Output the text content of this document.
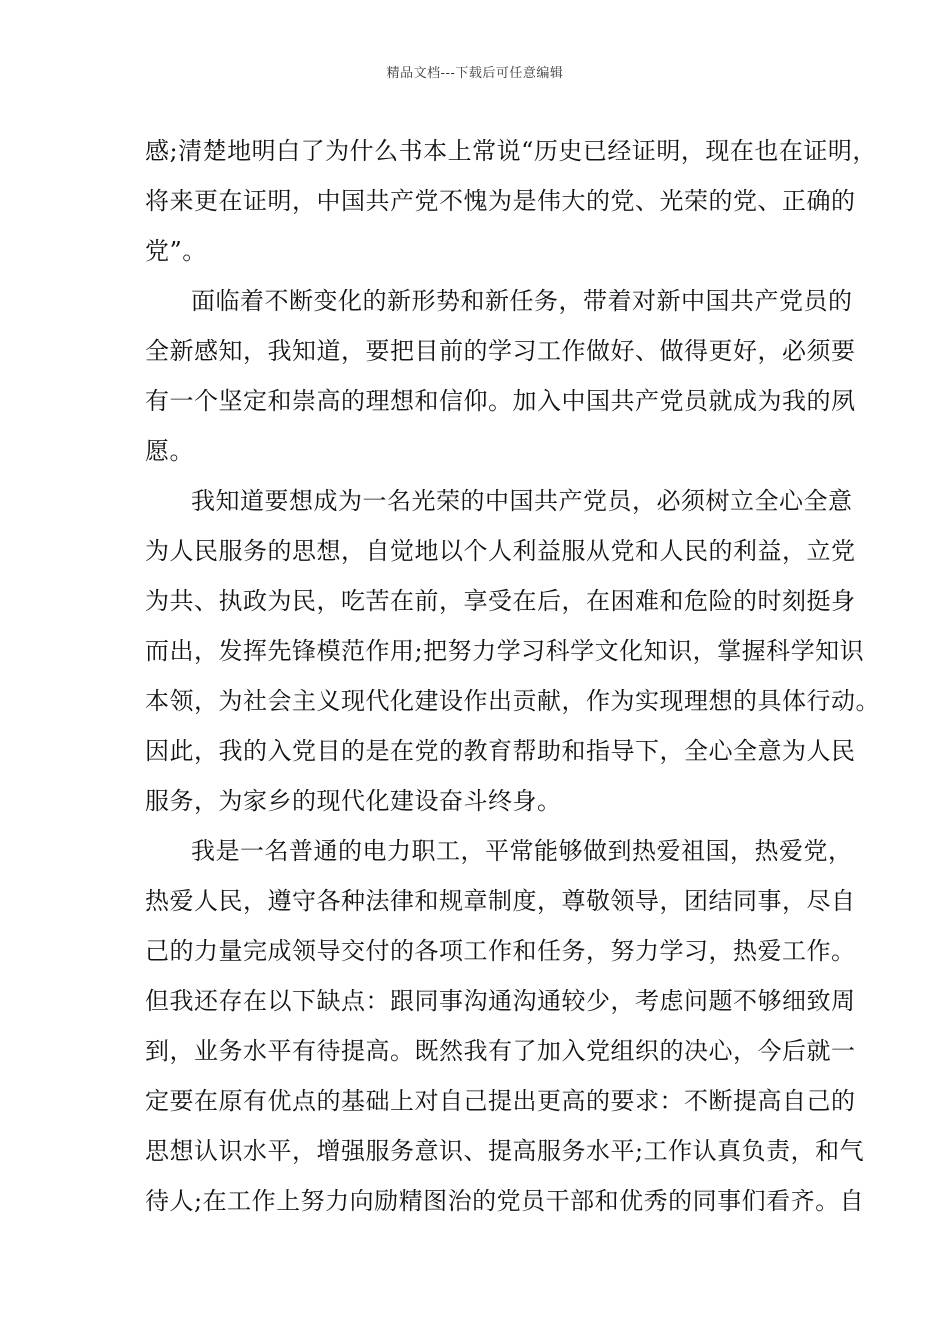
精品文档---下载后可任意编辑
感;清楚地明白了为什么书本上常说“历史已经证明，现在也在证明，
将来更在证明，中国共产党不愧为是伟大的党、光荣的党、正确的
党”。
面临着不断变化的新形势和新任务，带着对新中国共产党员的
全新感知，我知道，要把目前的学习工作做好、做得更好，必须要
有一个坚定和崇高的理想和信仰。加入中国共产党员就成为我的夙
愿。
我知道要想成为一名光荣的中国共产党员，必须树立全心全意
为人民服务的思想，自觉地以个人利益服从党和人民的利益，立党
为共、执政为民，吃苦在前，享受在后，在困难和危险的时刻挺身
而出，发挥先锋模范作用;把努力学习科学文化知识，掌握科学知识
本领，为社会主义现代化建设作出贡献，作为实现理想的具体行动。
因此，我的入党目的是在党的教育帮助和指导下，全心全意为人民
服务，为家乡的现代化建设奋斗终身。
我是一名普通的电力职工，平常能够做到热爱祖国，热爱党，
热爱人民，遵守各种法律和规章制度，尊敬领导，团结同事，尽自
己的力量完成领导交付的各项工作和任务，努力学习，热爱工作。
但我还存在以下缺点：跟同事沟通沟通较少，考虑问题不够细致周
到，业务水平有待提高。既然我有了加入党组织的决心，今后就一
定要在原有优点的基础上对自己提出更高的要求：不断提高自己的
思想认识水平，增强服务意识、提高服务水平;工作认真负责，和气
待人;在工作上努力向励精图治的党员干部和优秀的同事们看齐。自
